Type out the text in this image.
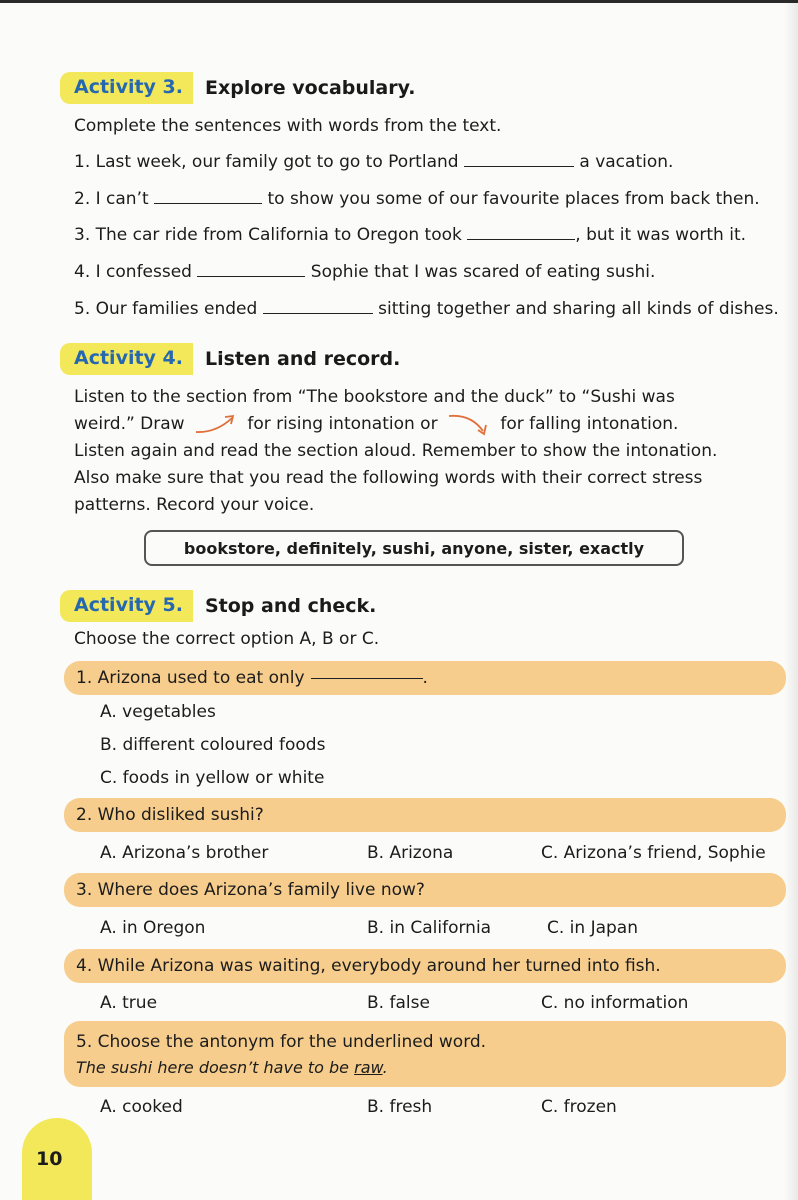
Activity 3.	Explore vocabulary.
Complete the sentences with words from the text.
1. Last week, our family got to go to Portland	a vacation.
2. I can’t	to show you some of our favourite places from back then.
3. The car ride from California to Oregon took	, but it was worth it.
4. I confessed	Sophie that I was scared of eating sushi.
5. Our families ended	sitting together and sharing all kinds of dishes.
Activity 4.	Listen and record.
Listen to the section from “The bookstore and the duck” to “Sushi was
weird.” Draw	for rising intonation or	for falling intonation.
Listen again and read the section aloud. Remember to show the intonation.
Also make sure that you read the following words with their correct stress
patterns. Record your voice.
bookstore, definitely, sushi, anyone, sister, exactly
Activity 5.	Stop and check.
Choose the correct option A, B or C.
1. Arizona used to eat only	.
A. vegetables
B. different coloured foods
C. foods in yellow or white
2. Who disliked sushi?
A. Arizona’s brother	B. Arizona	C. Arizona’s friend, Sophie
3. Where does Arizona’s family live now?
A. in Oregon	B. in California	C. in Japan
4. While Arizona was waiting, everybody around her turned into fish.
A. true	B. false	C. no information
5. Choose the antonym for the underlined word.
The sushi here doesn’t have to be raw.
A. cooked	B. fresh	C. frozen
10
